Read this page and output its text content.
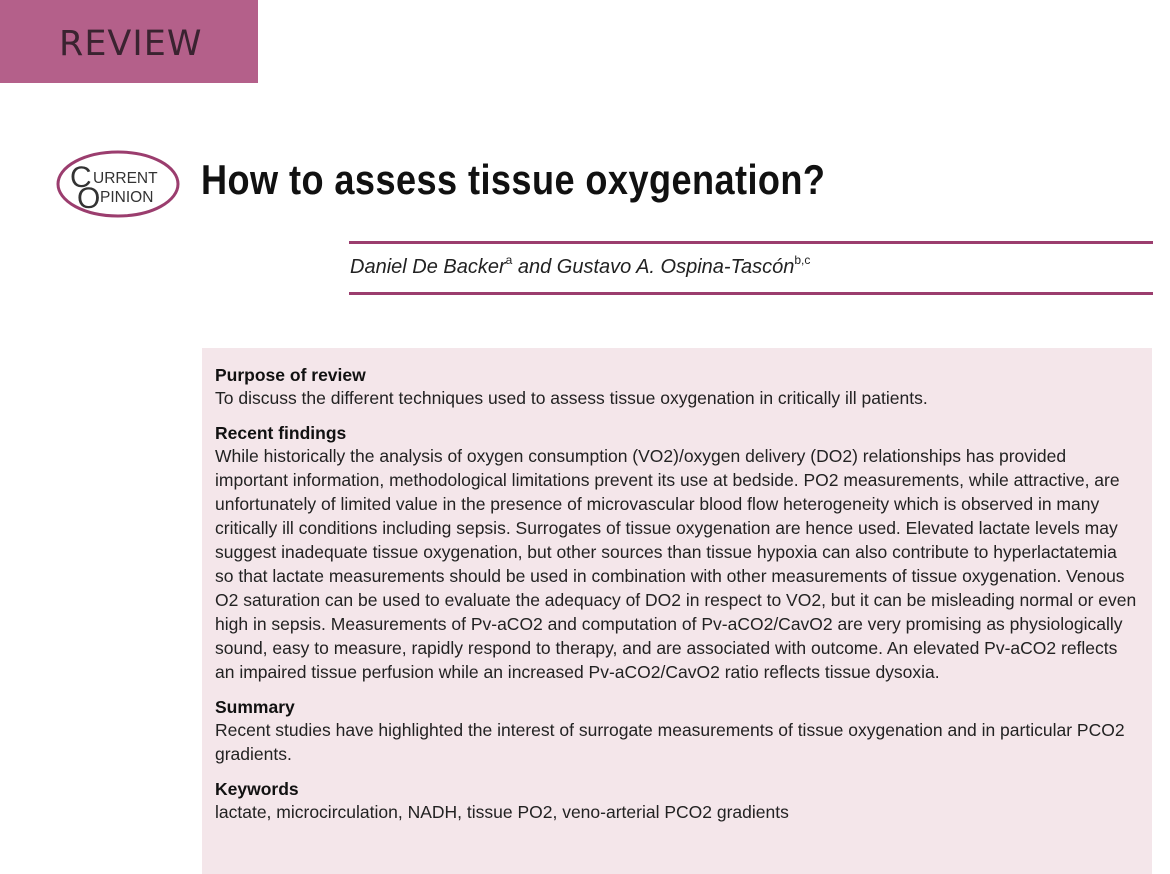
REVIEW
C
O
URRENT
PINION How to assess tissue oxygenation?
Daniel De Backer$^a$ and Gustavo A. Ospina-Tascón$^{b,c}$

Purpose of review

To discuss the different techniques used to assess tissue oxygenation in critically ill patients.

Recent findings

While historically the analysis of oxygen consumption (VO2)/oxygen delivery (DO2) relationships has provided important information, methodological limitations prevent its use at bedside. PO2 measurements, while attractive, are unfortunately of limited value in the presence of microvascular blood flow heterogeneity which is observed in many critically ill conditions including sepsis. Surrogates of tissue oxygenation are hence used. Elevated lactate levels may suggest inadequate tissue oxygenation, but other sources than tissue hypoxia can also contribute to hyperlactatemia so that lactate measurements should be used in combination with other measurements of tissue oxygenation. Venous O2 saturation can be used to evaluate the adequacy of DO2 in respect to VO2, but it can be misleading normal or even high in sepsis. Measurements of Pv-aCO2 and computation of Pv-aCO2/CavO2 are very promising as physiologically sound, easy to measure, rapidly respond to therapy, and are associated with outcome. An elevated Pv-aCO2 reflects an impaired tissue perfusion while an increased Pv-aCO2/CavO2 ratio reflects tissue dysoxia.

Summary

Recent studies have highlighted the interest of surrogate measurements of tissue oxygenation and in particular PCO2 gradients.

Keywords

lactate, microcirculation, NADH, tissue PO2, veno-arterial PCO2 gradients
